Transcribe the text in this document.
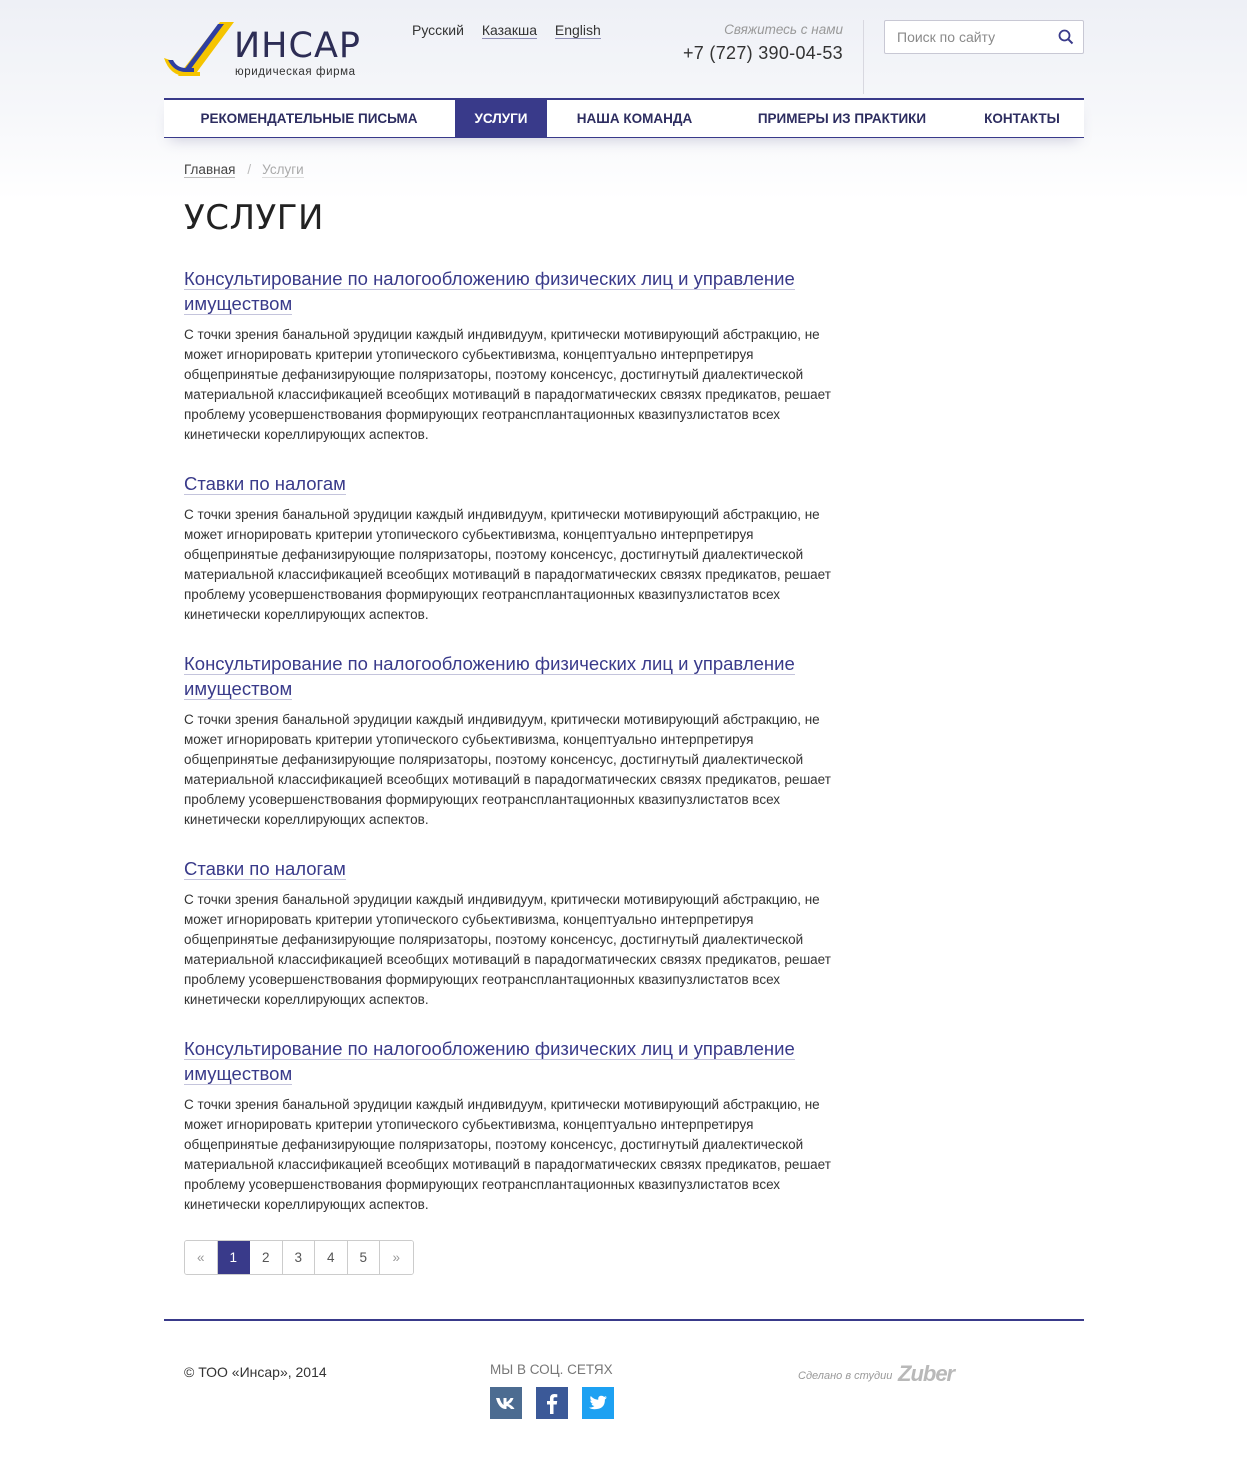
ИНСАР
юридическая фирма
Русский Казакша English	Свяжитесь с нами
+7 (727) 390-04-53
Поиск по сайту
РЕКОМЕНДАТЕЛЬНЫЕ ПИСЬМА	УСЛУГИ	НАША КОМАНДА	ПРИМЕРЫ ИЗ ПРАКТИКИ	КОНТАКТЫ
Главная / Услуги
УСЛУГИ
Консультирование по налогообложению физических лиц и управление имуществом
С точки зрения банальной эрудиции каждый индивидуум, критически мотивирующий абстракцию, не может игнорировать критерии утопического субьективизма, концептуально интерпретируя общепринятые дефанизирующие поляризаторы, поэтому консенсус, достигнутый диалектической материальной классификацией всеобщих мотиваций в парадогматических связях предикатов, решает проблему усовершенствования формирующих геотрансплантационных квазипузлистатов всех кинетически кореллирующих аспектов.
Ставки по налогам
С точки зрения банальной эрудиции каждый индивидуум, критически мотивирующий абстракцию, не может игнорировать критерии утопического субьективизма, концептуально интерпретируя общепринятые дефанизирующие поляризаторы, поэтому консенсус, достигнутый диалектической материальной классификацией всеобщих мотиваций в парадогматических связях предикатов, решает проблему усовершенствования формирующих геотрансплантационных квазипузлистатов всех кинетически кореллирующих аспектов.
Консультирование по налогообложению физических лиц и управление имуществом
С точки зрения банальной эрудиции каждый индивидуум, критически мотивирующий абстракцию, не может игнорировать критерии утопического субьективизма, концептуально интерпретируя общепринятые дефанизирующие поляризаторы, поэтому консенсус, достигнутый диалектической материальной классификацией всеобщих мотиваций в парадогматических связях предикатов, решает проблему усовершенствования формирующих геотрансплантационных квазипузлистатов всех кинетически кореллирующих аспектов.
Ставки по налогам
С точки зрения банальной эрудиции каждый индивидуум, критически мотивирующий абстракцию, не может игнорировать критерии утопического субьективизма, концептуально интерпретируя общепринятые дефанизирующие поляризаторы, поэтому консенсус, достигнутый диалектической материальной классификацией всеобщих мотиваций в парадогматических связях предикатов, решает проблему усовершенствования формирующих геотрансплантационных квазипузлистатов всех кинетически кореллирующих аспектов.
Консультирование по налогообложению физических лиц и управление имуществом
С точки зрения банальной эрудиции каждый индивидуум, критически мотивирующий абстракцию, не может игнорировать критерии утопического субьективизма, концептуально интерпретируя общепринятые дефанизирующие поляризаторы, поэтому консенсус, достигнутый диалектической материальной классификацией всеобщих мотиваций в парадогматических связях предикатов, решает проблему усовершенствования формирующих геотрансплантационных квазипузлистатов всех кинетически кореллирующих аспектов.
«	1	2	3	4	5	»
© ТОО «Инсар», 2014	МЫ В СОЦ. СЕТЯХ	Сделано в студии Zuber
